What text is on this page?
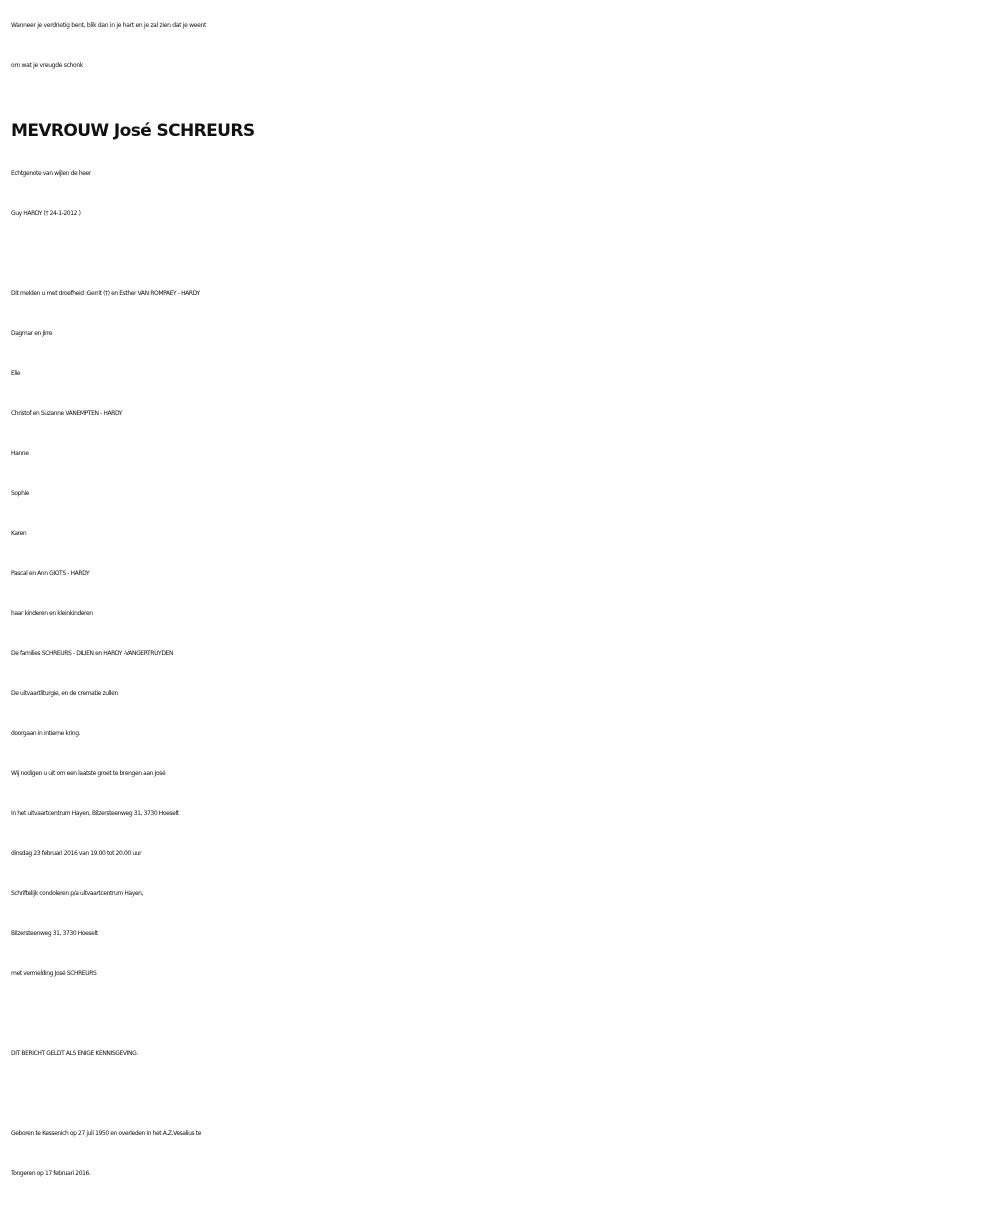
Wanneer je verdrietig bent, blik dan in je hart en je zal zien dat je weent
om wat je vreugde schonk
MEVROUW José SCHREURS
Echtgenote van wijlen de heer
Guy HARDY († 24-1-2012 )
Dit melden u met droefheid :Gerrit (†) en Esther VAN ROMPAEY - HARDY
Dagmar en Jirre
Elie
Christof en Suzanne VANEMPTEN - HARDY
Hanne
Sophie
Karen
Pascal en Ann GIOTS - HARDY
haar kinderen en kleinkinderen
De families SCHREURS - DILIEN en HARDY -VANGERTRUYDEN
De uitvaartliturgie, en de crematie zullen
doorgaan in intieme kring.
Wij nodigen u uit om een laatste groet te brengen aan José
In het uitvaartcentrum Hayen, Bilzersteenweg 31, 3730 Hoeselt
dinsdag 23 februari 2016 van 19.00 tot 20.00 uur
Schriftelijk condoleren p/a uitvaartcentrum Hayen,
Bilzersteenweg 31, 3730 Hoeselt
met vermelding José SCHREURS
DIT BERICHT GELDT ALS ENIGE KENNISGEVING.
Geboren te Kessenich op 27 juli 1950 en overleden in het A.Z.Vesalius te
Tongeren op 17 februari 2016.
